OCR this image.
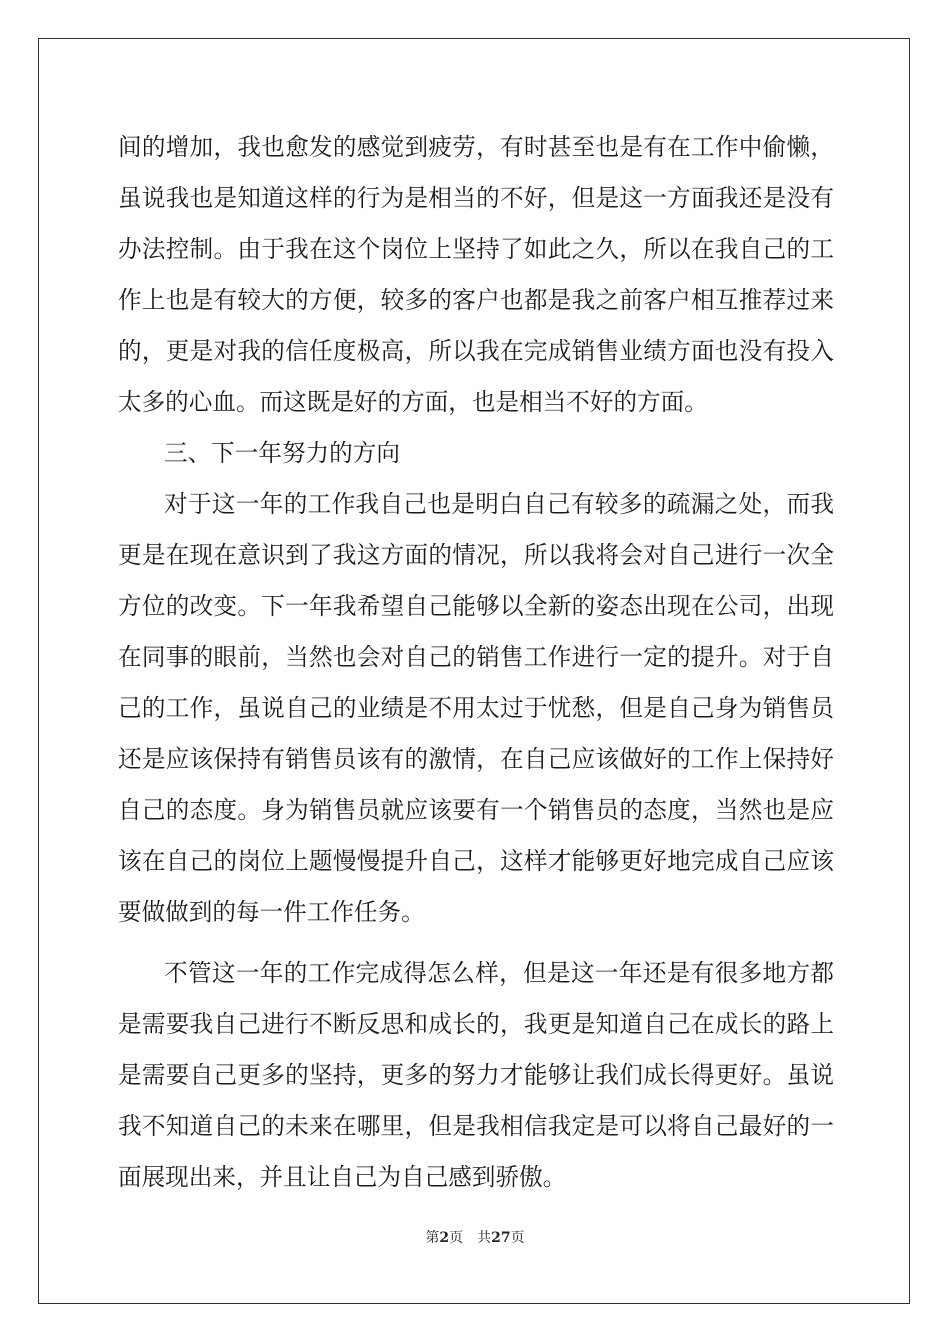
间的增加，我也愈发的感觉到疲劳，有时甚至也是有在工作中偷懒，
虽说我也是知道这样的行为是相当的不好，但是这一方面我还是没有
办法控制。由于我在这个岗位上坚持了如此之久，所以在我自己的工
作上也是有较大的方便，较多的客户也都是我之前客户相互推荐过来
的，更是对我的信任度极高，所以我在完成销售业绩方面也没有投入
太多的心血。而这既是好的方面，也是相当不好的方面。
三、下一年努力的方向
对于这一年的工作我自己也是明白自己有较多的疏漏之处，而我
更是在现在意识到了我这方面的情况，所以我将会对自己进行一次全
方位的改变。下一年我希望自己能够以全新的姿态出现在公司，出现
在同事的眼前，当然也会对自己的销售工作进行一定的提升。对于自
己的工作，虽说自己的业绩是不用太过于忧愁，但是自己身为销售员
还是应该保持有销售员该有的激情，在自己应该做好的工作上保持好
自己的态度。身为销售员就应该要有一个销售员的态度，当然也是应
该在自己的岗位上题慢慢提升自己，这样才能够更好地完成自己应该
要做做到的每一件工作任务。
不管这一年的工作完成得怎么样，但是这一年还是有很多地方都
是需要我自己进行不断反思和成长的，我更是知道自己在成长的路上
是需要自己更多的坚持，更多的努力才能够让我们成长得更好。虽说
我不知道自己的未来在哪里，但是我相信我定是可以将自己最好的一
面展现出来，并且让自己为自己感到骄傲。
第2页 共27页
